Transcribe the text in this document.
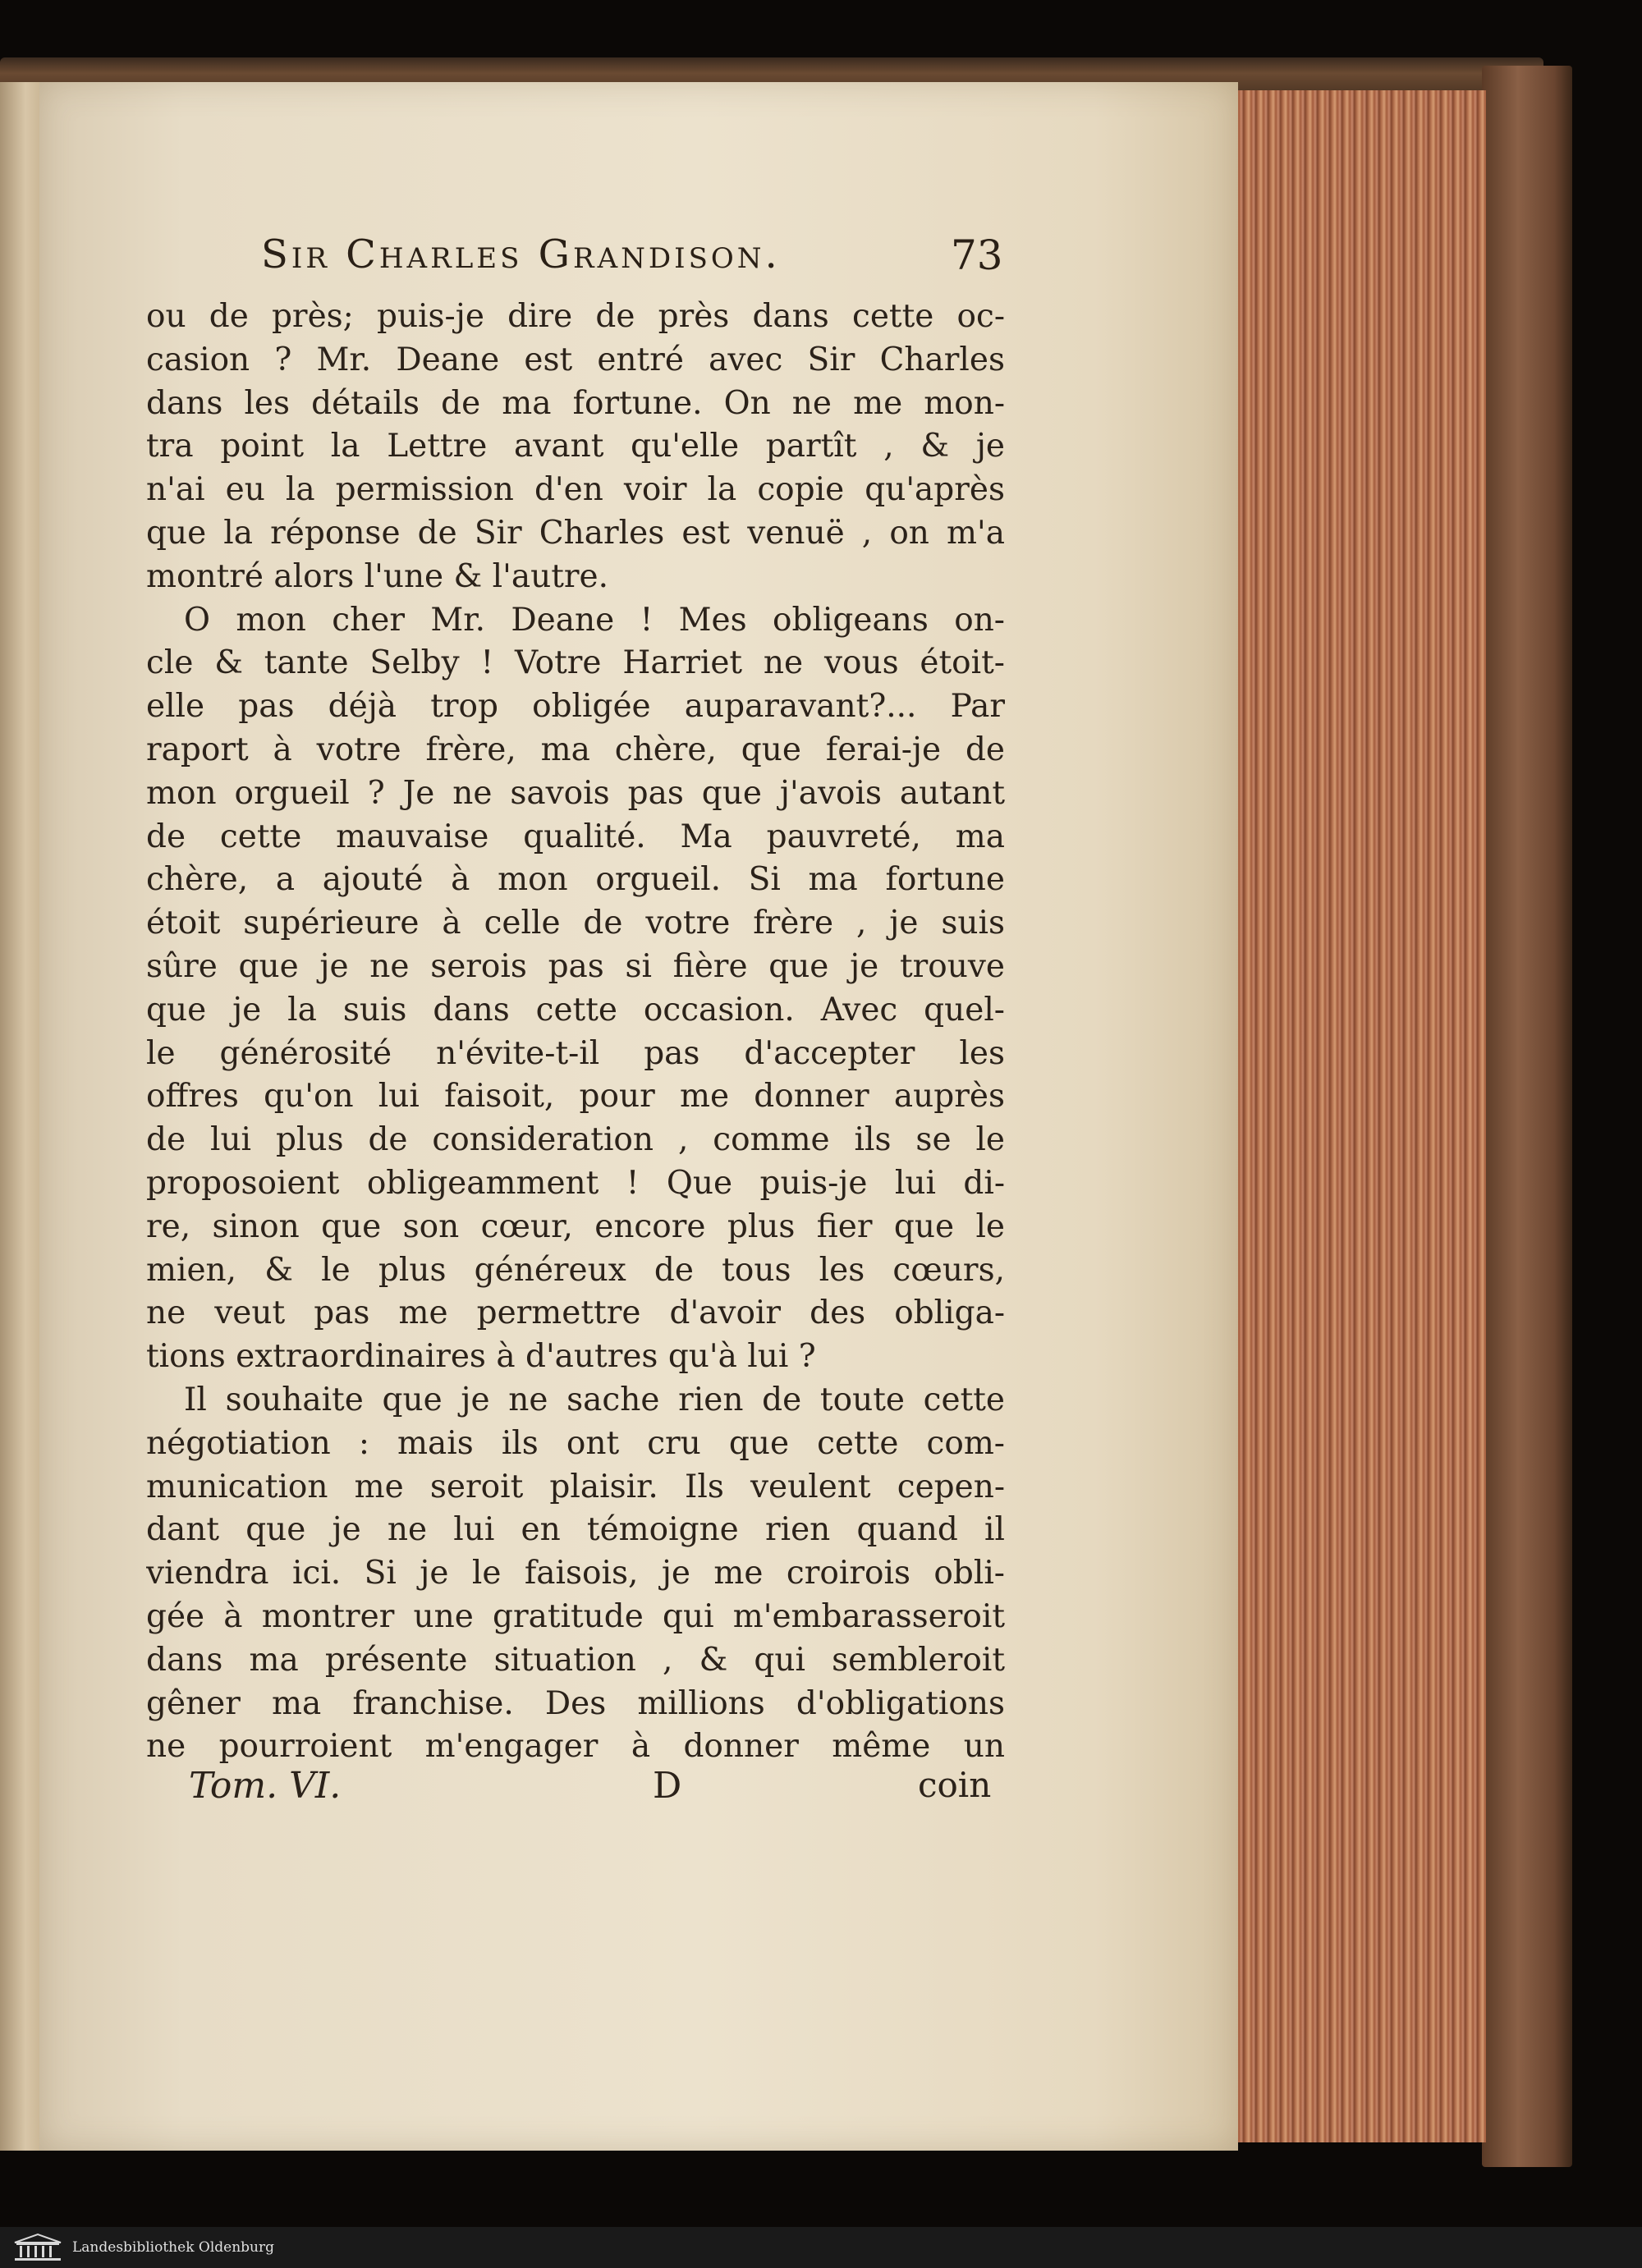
Sir Charles Grandison.	73
ou de près; puis-je dire de près dans cette oc-
casion ? Mr. Deane est entré avec Sir Charles
dans les détails de ma fortune. On ne me mon-
tra point la Lettre avant qu'elle partît , & je
n'ai eu la permission d'en voir la copie qu'après
que la réponse de Sir Charles est venuë , on m'a
montré alors l'une & l'autre.
O mon cher Mr. Deane ! Mes obligeans on-
cle & tante Selby ! Votre Harriet ne vous étoit-
elle pas déjà trop obligée auparavant?... Par
raport à votre frère, ma chère, que ferai-je de
mon orgueil ? Je ne savois pas que j'avois autant
de cette mauvaise qualité. Ma pauvreté, ma
chère, a ajouté à mon orgueil. Si ma fortune
étoit supérieure à celle de votre frère , je suis
sûre que je ne serois pas si fière que je trouve
que je la suis dans cette occasion. Avec quel-
le générosité n'évite-t-il pas d'accepter les
offres qu'on lui faisoit, pour me donner auprès
de lui plus de consideration , comme ils se le
proposoient obligeamment ! Que puis-je lui di-
re, sinon que son cœur, encore plus fier que le
mien, & le plus généreux de tous les cœurs,
ne veut pas me permettre d'avoir des obliga-
tions extraordinaires à d'autres qu'à lui ?
Il souhaite que je ne sache rien de toute cette
négotiation : mais ils ont cru que cette com-
munication me seroit plaisir. Ils veulent cepen-
dant que je ne lui en témoigne rien quand il
viendra ici. Si je le faisois, je me croirois obli-
gée à montrer une gratitude qui m'embarasseroit
dans ma présente situation , & qui sembleroit
gêner ma franchise. Des millions d'obligations
ne pourroient m'engager à donner même un
Tom. VI.	D	coin
Landesbibliothek Oldenburg
